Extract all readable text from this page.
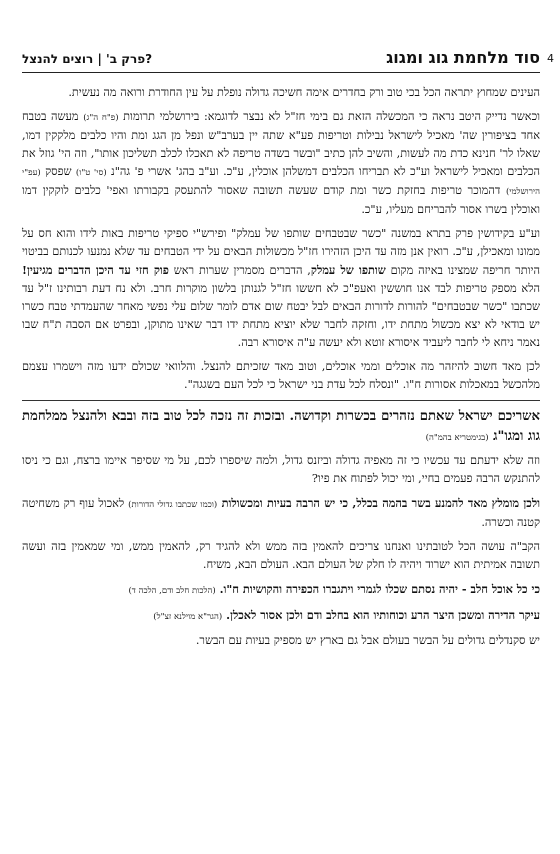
סוד מלחמת גוג ומגוג
פרק ב' | רוצים להנצל?	4

העינים שמחוץ יתראה הכל בכי טוב ורק בחדרים אימה חשיכה גדולה נופלת על עין החודרת ורואה מה נעשית.

וכאשר נדייק היטב נראה כי המכשלה הזאת גם בימי חז"ל לא נבצר לדוגמא: בירושלמי תרומות (פ"ח ה"ג) מעשה בטבח אחד בציפורין שה' מאכיל לישראל נבילות וטריפות פע"א שתה יין בערב"ש ונפל מן הגג ומת והיו כלבים מלקקין דמו, שאלו לר' חנינא כדת מה לעשות, והשיב להן כתיב "ובשר בשדה טריפה לא תאכלו לכלב תשליכון אותו", וזה הי' גוזל את הכלבים ומאכיל לישראל וע"כ לא תבריחו הכלבים דמשלהן אוכלין, ע"כ. וע"ב בהג' אשרי פ' גה"נ (סי' ט"ו) שפסק (עפ"י הירושלמי) דהמוכר טריפות בחזקת כשר ומת קודם שעשה תשובה שאסור להתעסק בקבורתו ואפי' כלבים לוקקין דמו ואוכלין בשרו אסור להבריחם מעליו, ע"כ.

וע"ע בקידושין פרק בתרא במשנה "כשר שבטבחים שותפו של עמלק" ופירש"י ספיקי טריפות באות לידו והוא חס על ממונו ומאכילן, ע"כ. רואין אנן מזה עד היכן הזהירו חז"ל מכשולות הבאים על ידי הטבחים עד שלא נמנעו לכנותם בביטוי היותר חריפה שמצינו באיזה מקום שותפו של עמלק, הדברים מסמרין שערות ראש פוק חזי עד היכן הדברים מגיעין! הלא מספק טריפות לבד אנו חוששין ואעפ"כ לא חששו חז"ל לגנותן בלשון מוקרות חרב. ולא נח דעת רבותינו ז"ל עד שכתבו "כשר שבטבחים" להורות לדורות הבאים לבל יבטח שום אדם לומר שלום עלי נפשי מאחר שהעמדתי טבח כשרו יש בודאי לא יצא מכשול מתחת ידו, וחזקה לחבר שלא יוציא מתחת ידו דבר שאינו מתוקן, ובפרט אם הסבה ת"ח שבו נאמר ניחא לי לחבר ליעביד איסורא זוטא ולא יעשה ע"ה איסורא רבה.

לכן מאד חשוב להיזהר מה אוכלים וממי אוכלים, וטוב מאד שזכיתם להנצל. והלוואי שכולם ידעו מזה וישמרו עצמם מלהכשל במאכלות אסורות ח"ו. "ונסלח לכל עדת בני ישראל כי לכל העם בשגגה".

אשריכם ישראל שאתם נזהרים בכשרות וקדושה. ובזכות זה נזכה לכל טוב בזה ובבא ולהנצל ממלחמת גוג ומגו"ג (בגימטריא בהמ"ה)

וזה שלא ידעתם עד עכשיו כי זה מאפיה גדולה וביזנס גדול, ולמה שיספרו לכם, על מי שסיפר איימו ברצח, וגם כי ניסו להתנקש הרבה פעמים בחיי, ומי יכול לפתוח את פיו?

ולכן מומלץ מאד להמנע בשר בהמה בכלל, כי יש הרבה בעיות ומכשולות (וכמו שכתבו גדולי הדורות) לאכול עוף רק משחיטה קטנה וכשרה.

הקב"ה עושה הכל לטובתינו ואנחנו צריכים להאמין בזה ממש ולא להגיד רק, להאמין ממש, ומי שמאמין בזה ועשה תשובה אמיתית הוא ישרוד ויהיה לו חלק של העולם הבא. העולם הבא, משיח.

כי כל אוכל חלב - יהיה נסתם שכלו לגמרי ויתגברו הכפירה והקושיות ח"ו. (הלכות חלב ודם, הלכה ד)

עיקר הדירה ומשכן היצר הרע וכוחותיו הוא בחלב ודם ולכן אסור לאכלן. (הגר"א מוילנא זצ"ל)

יש סקנדלים גדולים על הבשר בעולם אבל גם בארץ יש מספיק בעיות עם הבשר.
